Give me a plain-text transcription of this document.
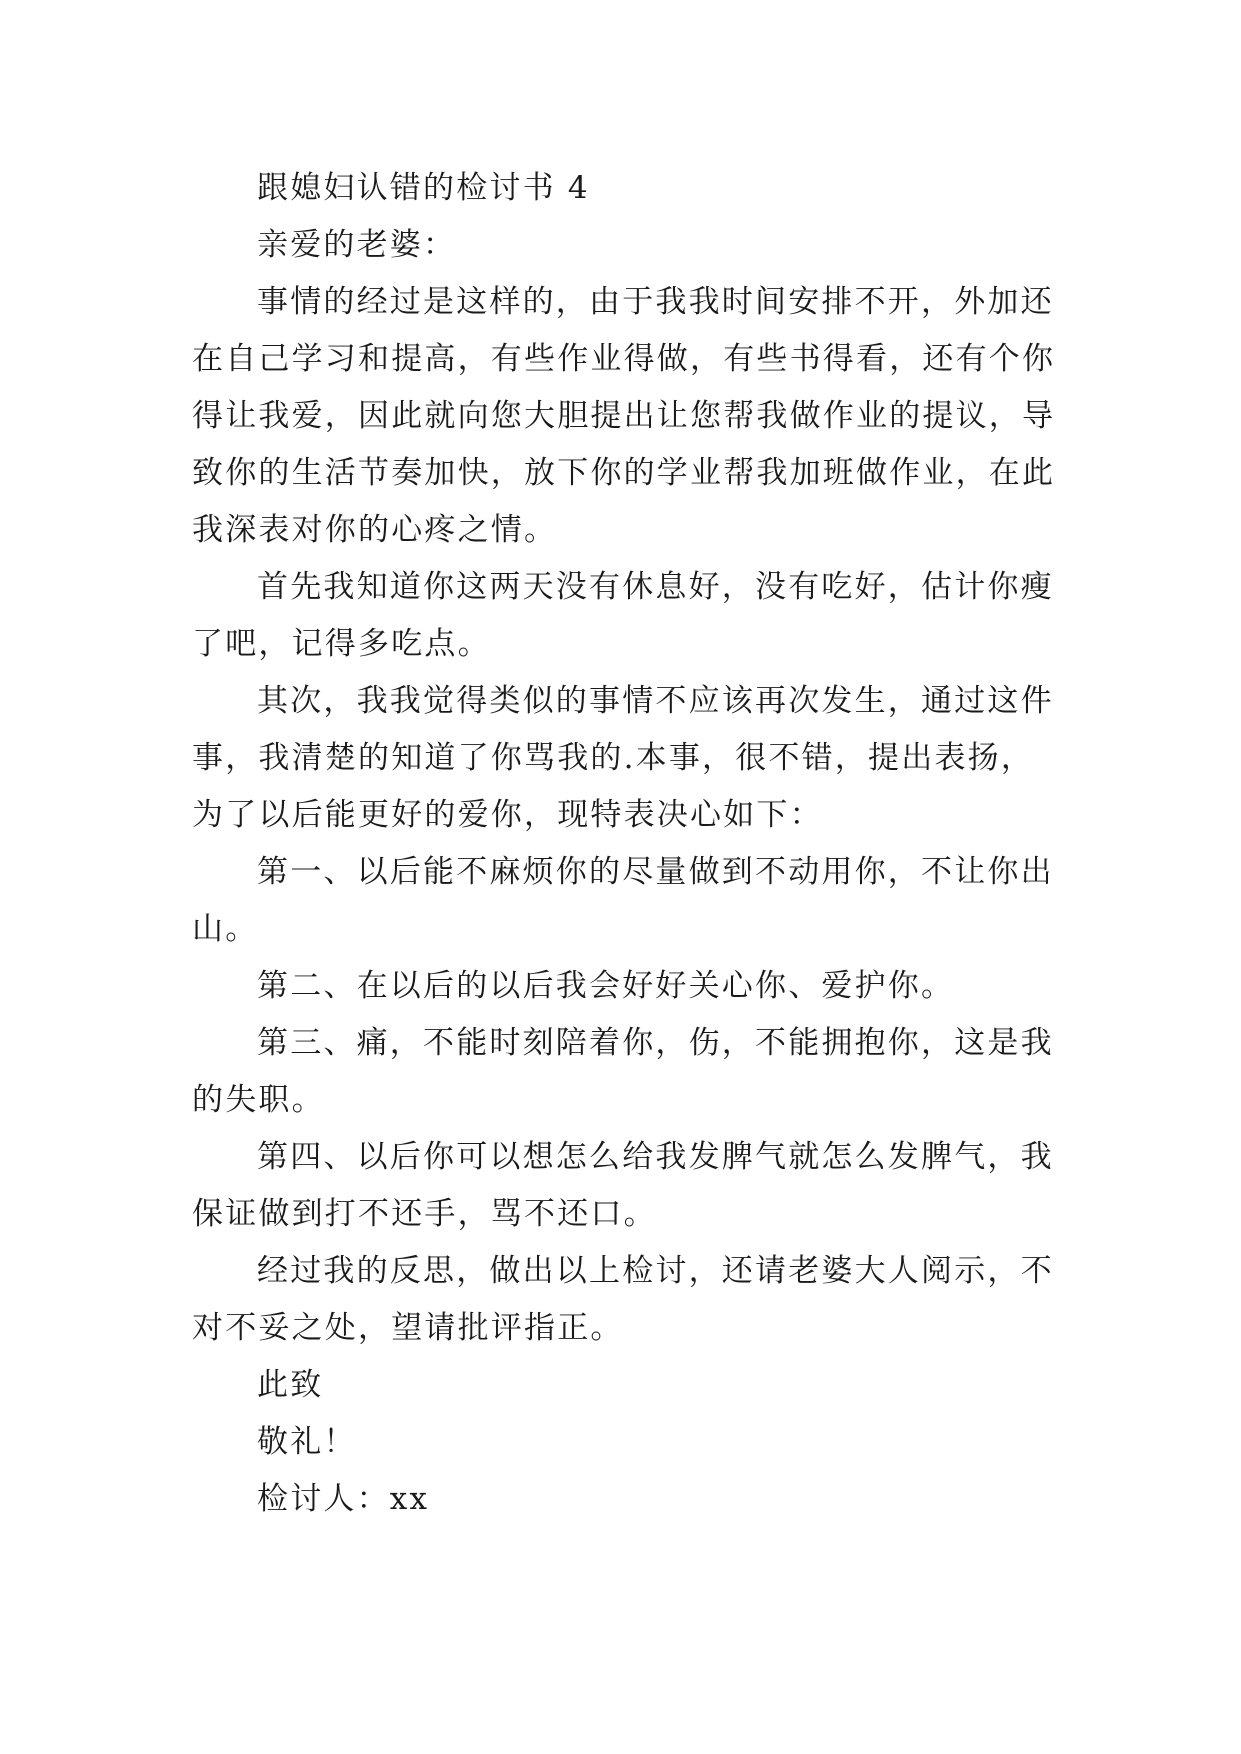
跟媳妇认错的检讨书 4

亲爱的老婆：

事情的经过是这样的，由于我我时间安排不开，外加还

在自己学习和提高，有些作业得做，有些书得看，还有个你

得让我爱，因此就向您大胆提出让您帮我做作业的提议，导

致你的生活节奏加快，放下你的学业帮我加班做作业，在此

我深表对你的心疼之情。

首先我知道你这两天没有休息好，没有吃好，估计你瘦

了吧，记得多吃点。

其次，我我觉得类似的事情不应该再次发生，通过这件

事，我清楚的知道了你骂我的.本事，很不错，提出表扬，

为了以后能更好的爱你，现特表决心如下：

第一、以后能不麻烦你的尽量做到不动用你，不让你出

山。

第二、在以后的以后我会好好关心你、爱护你。

第三、痛，不能时刻陪着你，伤，不能拥抱你，这是我

的失职。

第四、以后你可以想怎么给我发脾气就怎么发脾气，我

保证做到打不还手，骂不还口。

经过我的反思，做出以上检讨，还请老婆大人阅示，不

对不妥之处，望请批评指正。

此致

敬礼！

检讨人：xx
